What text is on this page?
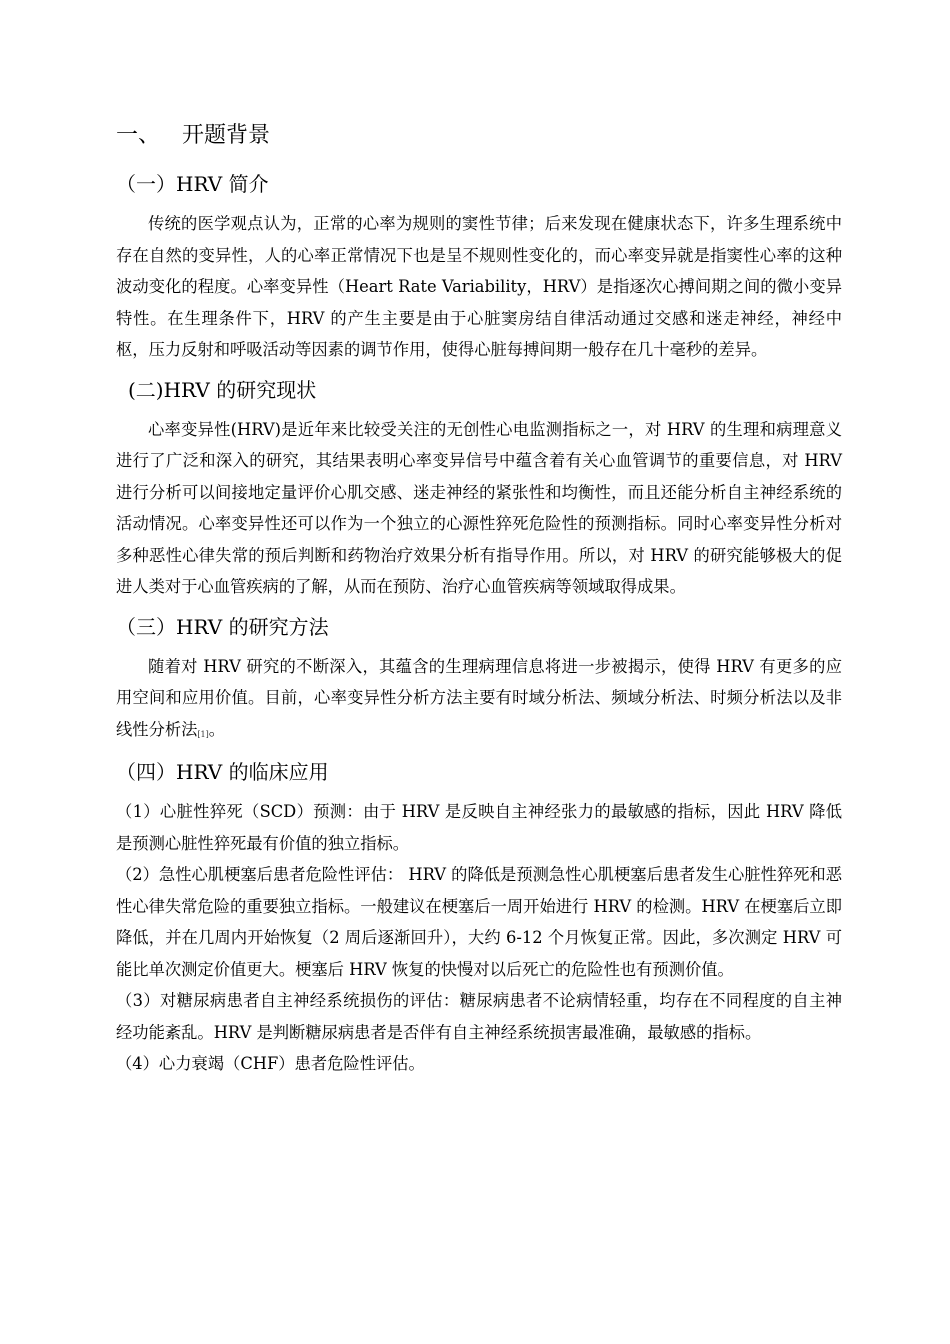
一、 开题背景
（一）HRV 简介

传统的医学观点认为，正常的心率为规则的窦性节律；后来发现在健康状态下，许多生理系统中存在自然的变异性，人的心率正常情况下也是呈不规则性变化的，而心率变异就是指窦性心率的这种波动变化的程度。心率变异性（Heart Rate Variability，HRV）是指逐次心搏间期之间的微小变异特性。在生理条件下，HRV 的产生主要是由于心脏窦房结自律活动通过交感和迷走神经，神经中枢，压力反射和呼吸活动等因素的调节作用，使得心脏每搏间期一般存在几十毫秒的差异。

(二)HRV 的研究现状

心率变异性(HRV)是近年来比较受关注的无创性心电监测指标之一，对 HRV 的生理和病理意义进行了广泛和深入的研究，其结果表明心率变异信号中蕴含着有关心血管调节的重要信息，对 HRV 进行分析可以间接地定量评价心肌交感、迷走神经的紧张性和均衡性，而且还能分析自主神经系统的活动情况。心率变异性还可以作为一个独立的心源性猝死危险性的预测指标。同时心率变异性分析对多种恶性心律失常的预后判断和药物治疗效果分析有指导作用。所以，对 HRV 的研究能够极大的促进人类对于心血管疾病的了解，从而在预防、治疗心血管疾病等领域取得成果。

（三）HRV 的研究方法

随着对 HRV 研究的不断深入，其蕴含的生理病理信息将进一步被揭示，使得 HRV 有更多的应用空间和应用价值。目前，心率变异性分析方法主要有时域分析法、频域分析法、时频分析法以及非线性分析法[1]。

（四）HRV 的临床应用

（1）心脏性猝死（SCD）预测：由于 HRV 是反映自主神经张力的最敏感的指标，因此 HRV 降低是预测心脏性猝死最有价值的独立指标。

（2）急性心肌梗塞后患者危险性评估： HRV 的降低是预测急性心肌梗塞后患者发生心脏性猝死和恶性心律失常危险的重要独立指标。一般建议在梗塞后一周开始进行 HRV 的检测。HRV 在梗塞后立即降低，并在几周内开始恢复（2 周后逐渐回升），大约 6-12 个月恢复正常。因此，多次测定 HRV 可能比单次测定价值更大。梗塞后 HRV 恢复的快慢对以后死亡的危险性也有预测价值。

（3）对糖尿病患者自主神经系统损伤的评估：糖尿病患者不论病情轻重，均存在不同程度的自主神经功能紊乱。HRV 是判断糖尿病患者是否伴有自主神经系统损害最准确，最敏感的指标。

（4）心力衰竭（CHF）患者危险性评估。
